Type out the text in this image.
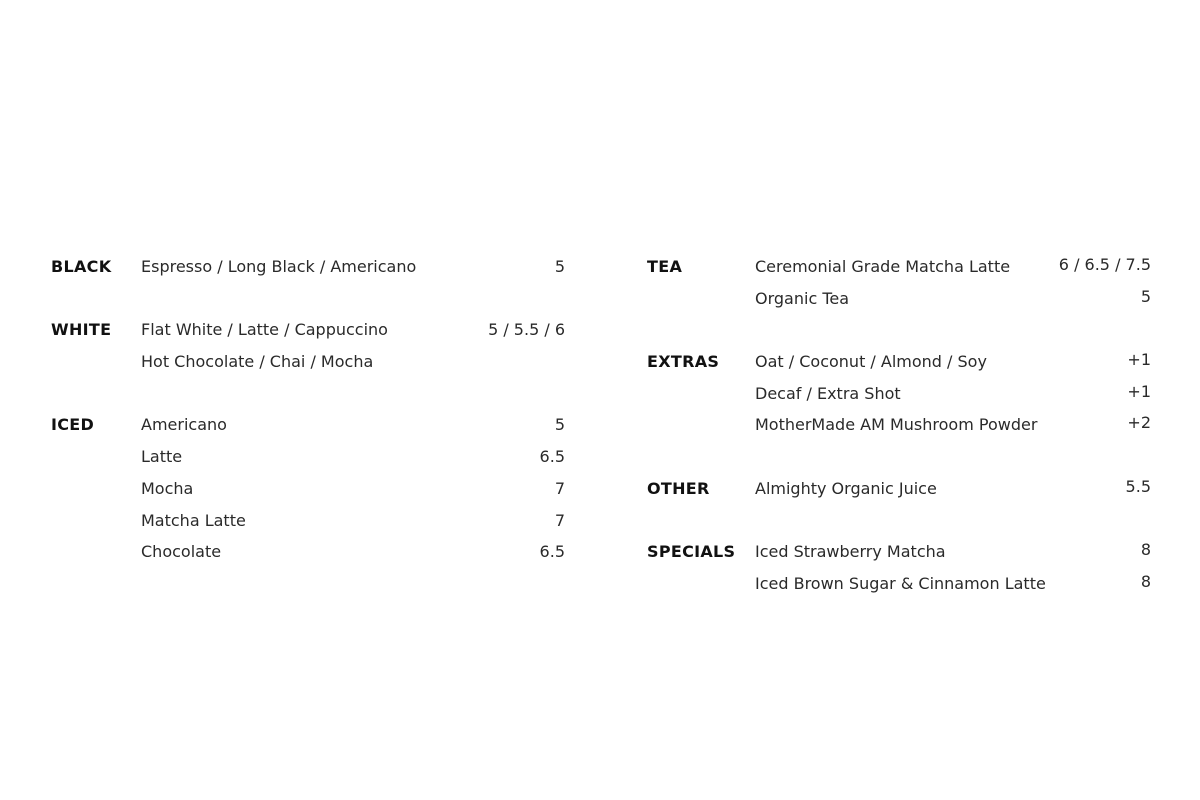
BLACK Espresso / Long Black / Americano	5
WHITE Flat White / Latte / Cappuccino	5 / 5.5 / 6
Hot Chocolate / Chai / Mocha
ICED	Americano	5
Latte	6.5
Mocha	7
Matcha Latte	7
Chocolate	6.5
TEA	Ceremonial Grade Matcha Latte	6 / 6.5 / 7.5
Organic Tea	5
EXTRAS Oat / Coconut / Almond / Soy	+1
Decaf / Extra Shot	+1
MotherMade AM Mushroom Powder	+2
OTHER	Almighty Organic Juice	5.5
SPECIALS Iced Strawberry Matcha	8
Iced Brown Sugar & Cinnamon Latte	8
